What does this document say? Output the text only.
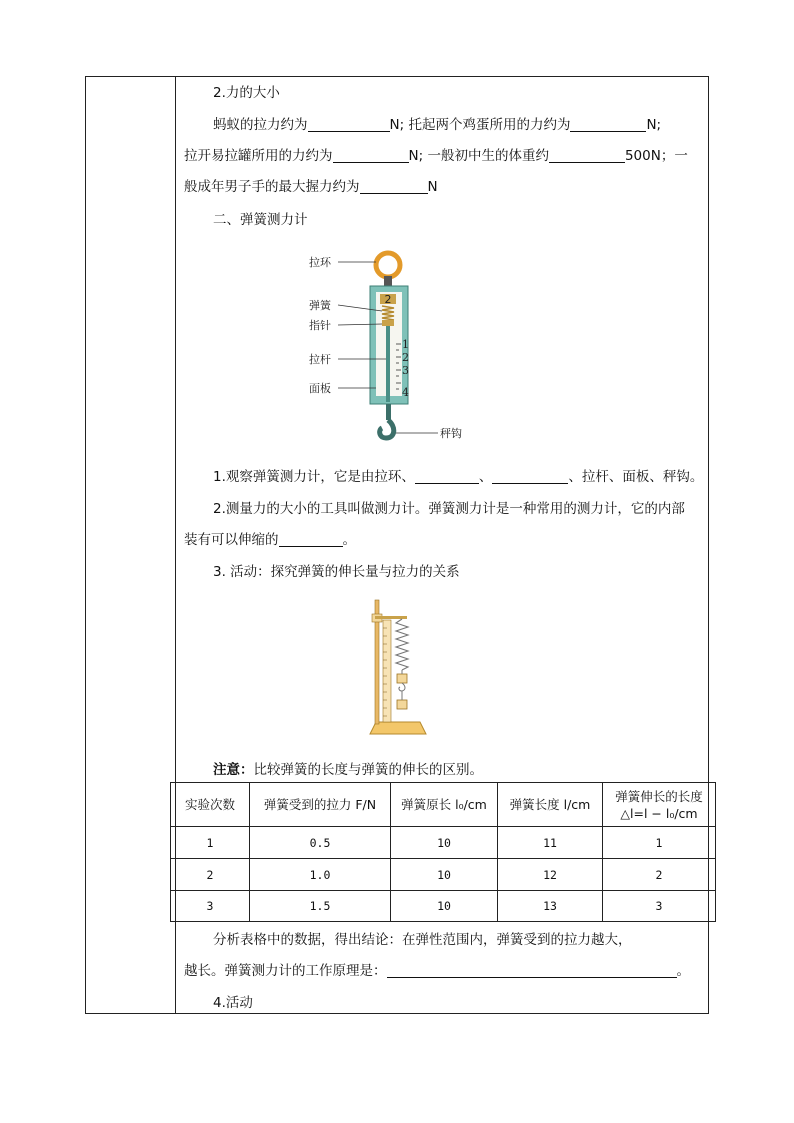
2.力的大小
蚂蚁的拉力约为	N; 托起两个鸡蛋所用的力约为	N;
拉开易拉罐所用的力约为	N; 一般初中生的体重约	500N；一
般成年男子手的最大握力约为	N
二、弹簧测力计
2
1
2
3
4
拉环
弹簧
指针
拉杆
面板
秤钩
1.观察弹簧测力计，它是由拉环、	、	、拉杆、面板、秤钩。
2.测量力的大小的工具叫做测力计。弹簧测力计是一种常用的测力计，它的内部
装有可以伸缩的	。
3. 活动：探究弹簧的伸长量与拉力的关系
注意：比较弹簧的长度与弹簧的伸长的区别。
实验次数	弹簧受到的拉力 F/N	弹簧原长 l₀/cm	弹簧长度 l/cm	弹簧伸长的长度
△l=l − l₀/cm
1	0.5	10	11	1
2	1.0	10	12	2
3	1.5	10	13	3
分析表格中的数据，得出结论：在弹性范围内，弹簧受到的拉力越大，
越长。弹簧测力计的工作原理是：	。
4.活动
